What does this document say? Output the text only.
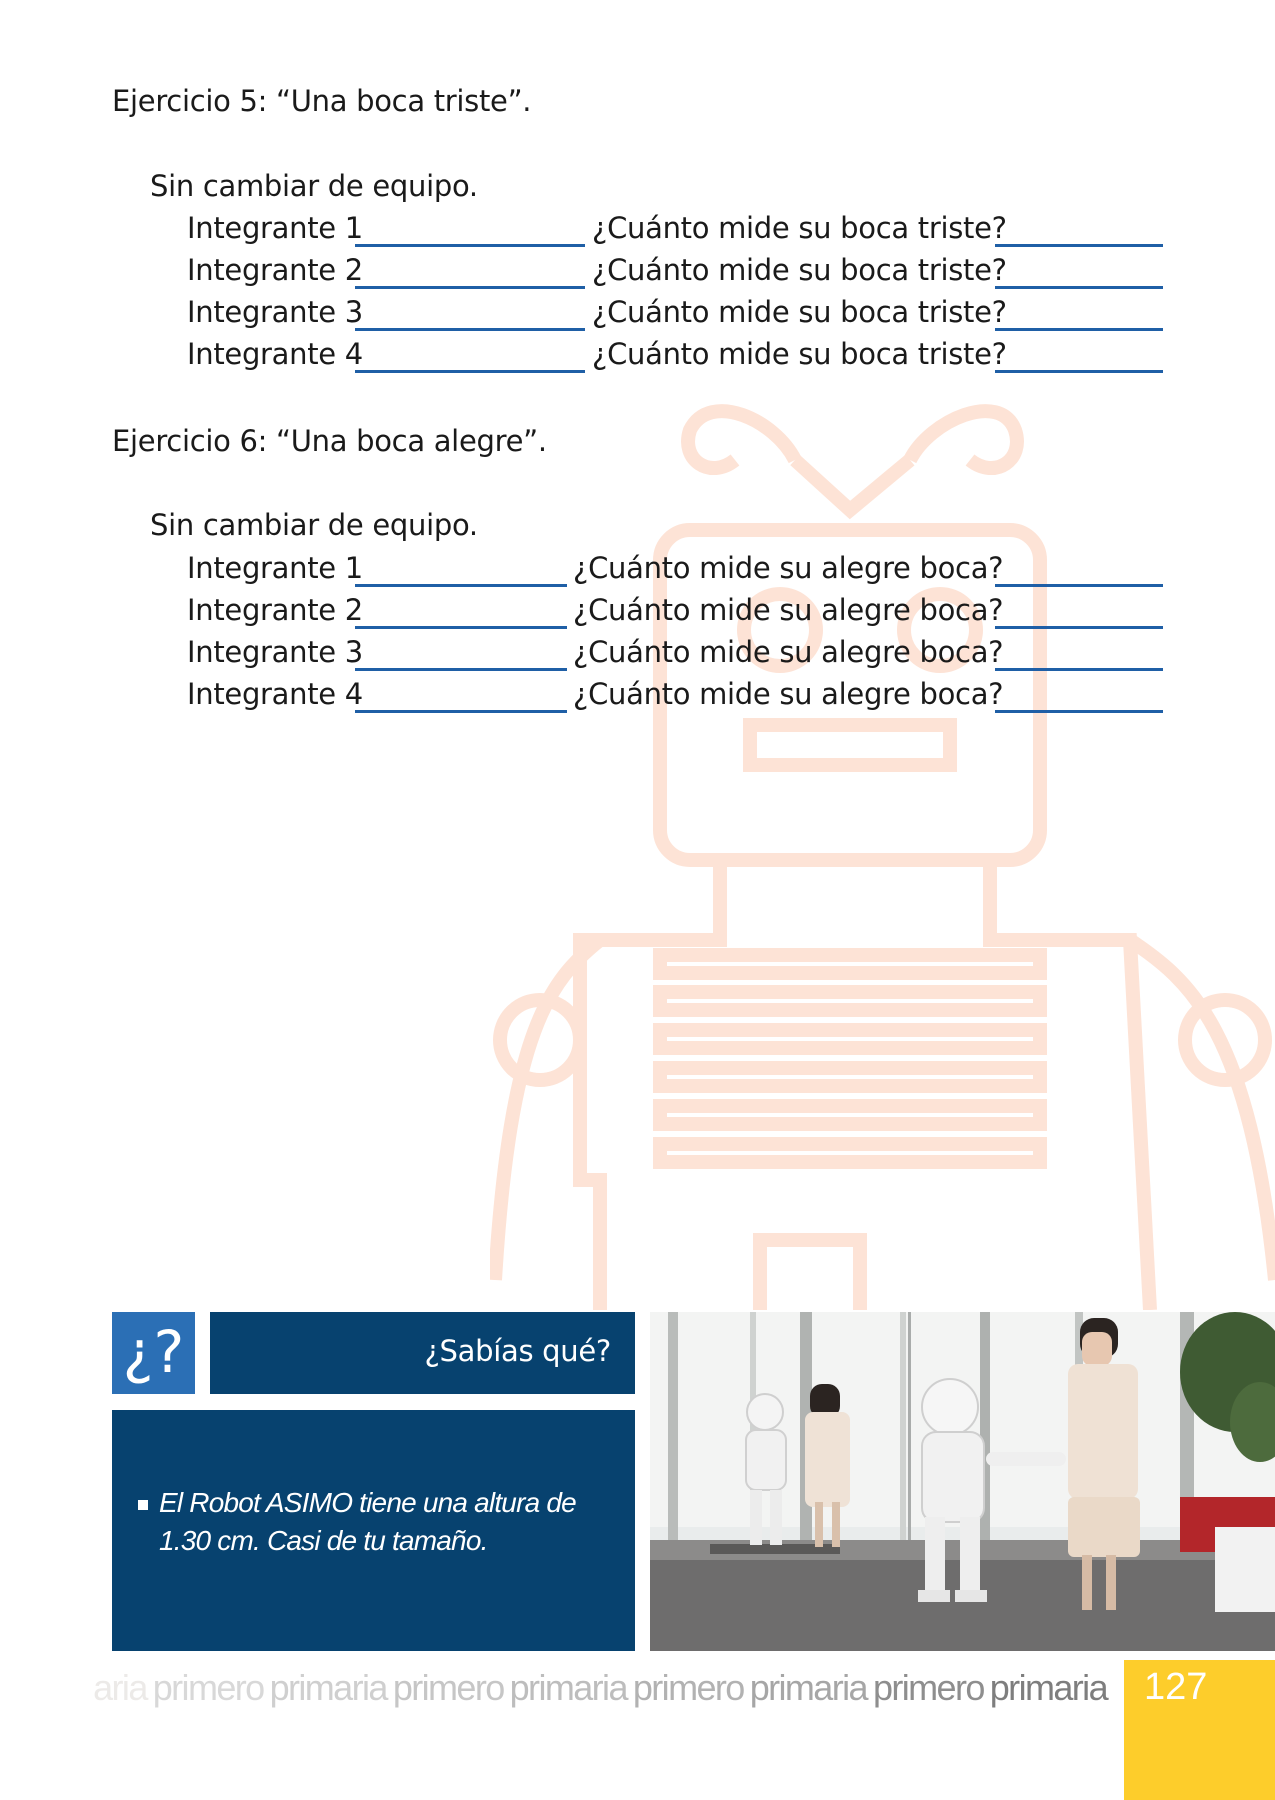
Ejercicio 5: “Una boca triste”.
Sin cambiar de equipo.
Integrante 1	¿Cuánto mide su boca triste?
Integrante 2	¿Cuánto mide su boca triste?
Integrante 3	¿Cuánto mide su boca triste?
Integrante 4	¿Cuánto mide su boca triste?
Ejercicio 6: “Una boca alegre”.
Sin cambiar de equipo.
Integrante 1	¿Cuánto mide su alegre boca?
Integrante 2	¿Cuánto mide su alegre boca?
Integrante 3	¿Cuánto mide su alegre boca?
Integrante 4	¿Cuánto mide su alegre boca?
¿?	¿Sabías qué?
El Robot ASIMO tiene una altura de 1.30 cm. Casi de tu tamaño.
aria primero primaria primero primaria primero primaria primero primaria 127
